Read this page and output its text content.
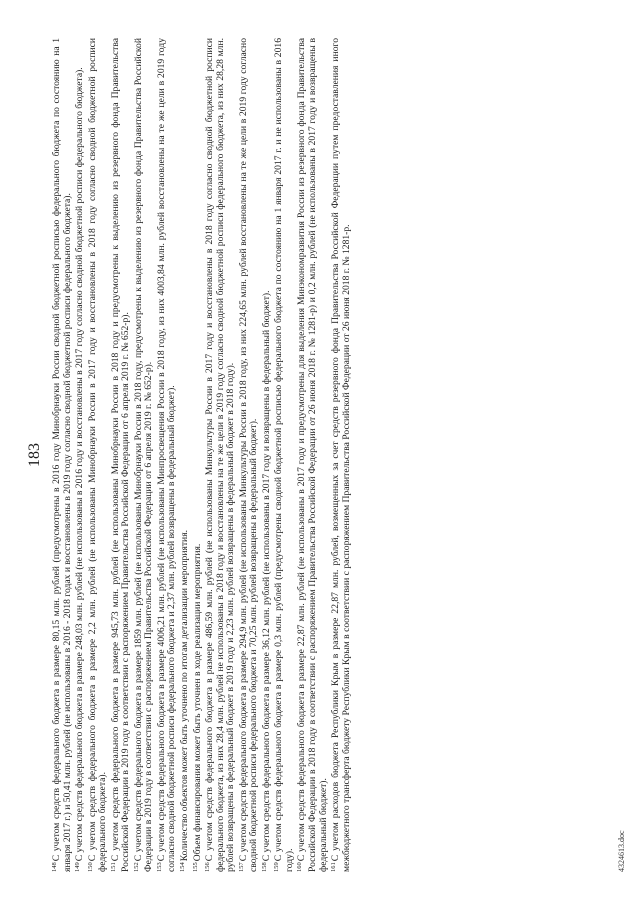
183

$^{148}$С учетом средств федерального бюджета в размере 80,15 млн. рублей (предусмотрены в 2016 году Минобрнауки России сводной бюджетной росписью федерального бюджета по состоянию на 1 января 2017 г.) и 50,41 млн. рублей (не использованы в 2016 - 2018 годах и восстановлены в 2019 году согласно сводной бюджетной росписи федерального бюджета). $^{149}$С учетом средств федерального бюджета в размере 248,03 млн. рублей (не использованы в 2016 году и восстановлены в 2017 году согласно сводной бюджетной росписи федерального бюджета).

$^{150}$С учетом средств федерального бюджета в размере 2,2 млн. рублей (не использованы Минобрнауки России в 2017 году и восстановлены в 2018 году согласно сводной бюджетной росписи федерального бюджета). $^{151}$С учетом средств федерального бюджета в размере 945,73 млн. рублей (не использованы Минобрнауки России в 2018 году и предусмотрены к выделению из резервного фонда Правительства Российской Федерации в 2019 году в соответствии с распоряжением Правительства Российской Федерации от 6 апреля 2019 г. № 652-р). $^{152}$С учетом средств федерального бюджета в размере 1859 млн. рублей (не использованы Минобрнауки России в 2018 году, предусмотрены к выделению из резервного фонда Правительства Российской Федерации в 2019 году в соответствии с распоряжением Правительства Российской Федерации от 6 апреля 2019 г. № 652-р). $^{153}$С учетом средств федерального бюджета в размере 4006,21 млн. рублей (не использованы Минпросвещения России в 2018 году, из них 4003,84 млн. рублей восстановлены на те же цели в 2019 году согласно сводной бюджетной росписи федерального бюджета и 2,37 млн. рублей возвращены в федеральный бюджет). $^{154}$Количество объектов может быть уточнено по итогам детализации мероприятия.

$^{155}$Объем финансирования может быть уточнен в ходе реализации мероприятия.

$^{156}$С учетом средств федерального бюджета в размере 486,59 млн. рублей (не использованы Минкультуры России в 2017 году и восстановлены в 2018 году согласно сводной бюджетной росписи федерального бюджета, из них 28,4 млн. рублей не использованы в 2018 году и восстановлены на те же цели в 2019 году согласно сводной бюджетной росписи федерального бюджета, из них 28,28 млн. рублей возвращены в федеральный бюджет в 2019 году и 2,23 млн. рублей возвращены в федеральный бюджет в 2018 году). $^{157}$С учетом средств федерального бюджета в размере 294,9 млн. рублей (не использованы Минкультуры России в 2018 году, из них 224,65 млн. рублей восстановлены на те же цели в 2019 году согласно сводной бюджетной росписи федерального бюджета и 70,25 млн. рублей возвращены в федеральный бюджет). $^{158}$С учетом средств федерального бюджета в размере 36,12 млн. рублей (не использованы в 2017 году и возвращены в федеральный бюджет).

$^{159}$С учетом средств федерального бюджета в размере 0,3 млн. рублей (предусмотрены сводной бюджетной росписью федерального бюджета по состоянию на 1 января 2017 г. и не использованы в 2016 году). $^{160}$С учетом средств федерального бюджета в размере 22,87 млн. рублей (не использованы в 2017 году и предусмотрены для выделения Минэкономразвития России из резервного фонда Правительства Российской Федерации в 2018 году в соответствии с распоряжением Правительства Российской Федерации от 26 июня 2018 г. № 1281-р) и 0,2 млн. рублей (не использованы в 2017 году и возвращены в федеральный бюджет). $^{161}$С учетом расходов бюджета Республики Крым в размере 22,87 млн. рублей, возмещенных за счет средств резервного фонда Правительства Российской Федерации путем предоставления иного межбюджетного трансферта бюджету Республики Крым в соответствии с распоряжением Правительства Российской Федерации от 26 июня 2018 г. № 1281-р.	4324613.doc
